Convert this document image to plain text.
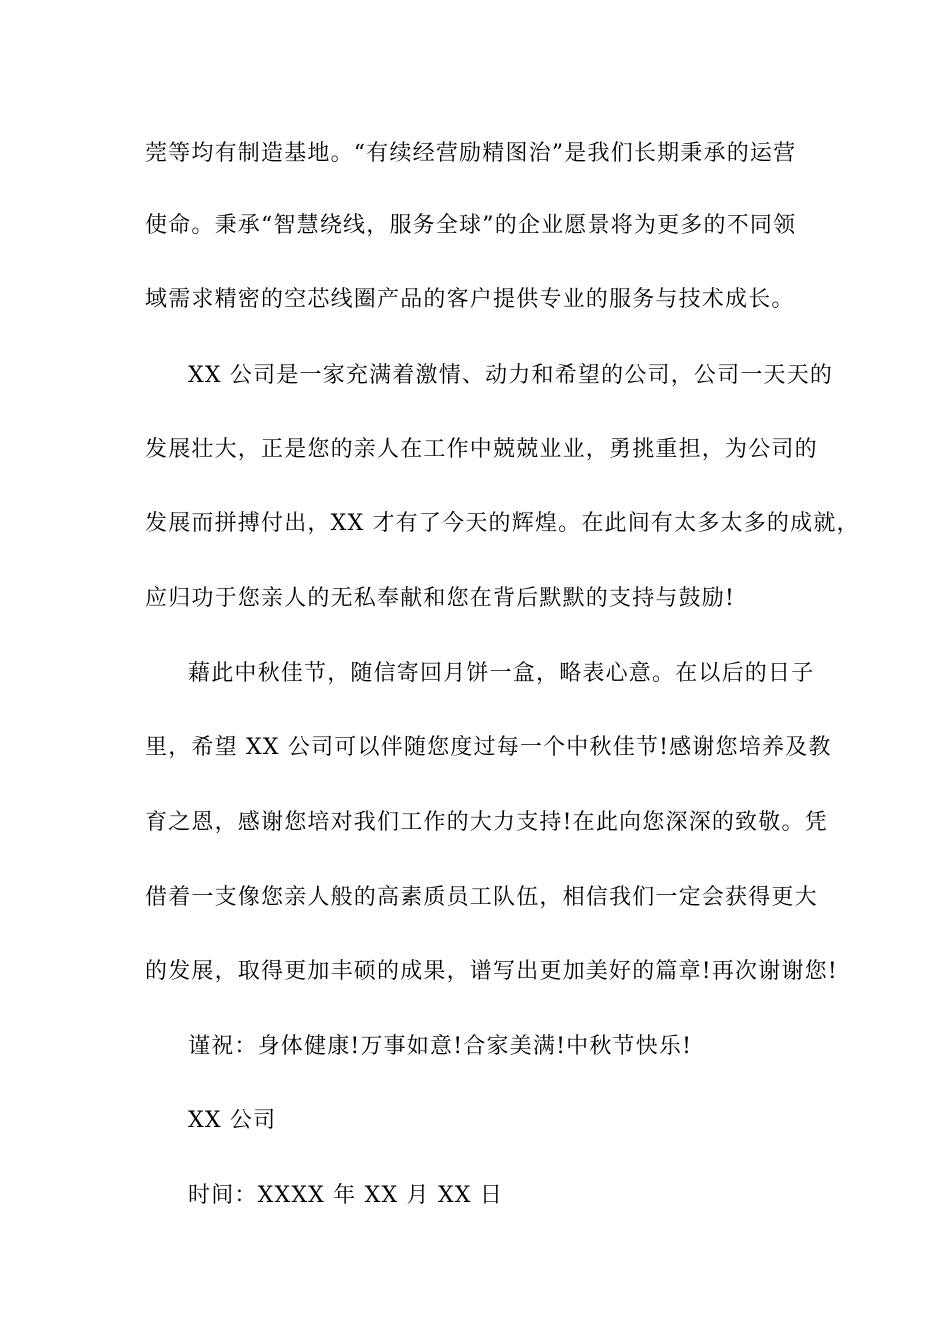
莞等均有制造基地。“有续经营励精图治”是我们长期秉承的运营
使命。秉承“智慧绕线，服务全球”的企业愿景将为更多的不同领
域需求精密的空芯线圈产品的客户提供专业的服务与技术成长。
XX 公司是一家充满着激情、动力和希望的公司，公司一天天的
发展壮大，正是您的亲人在工作中兢兢业业，勇挑重担，为公司的
发展而拼搏付出，XX 才有了今天的辉煌。在此间有太多太多的成就，
应归功于您亲人的无私奉献和您在背后默默的支持与鼓励!
藉此中秋佳节，随信寄回月饼一盒，略表心意。在以后的日子
里，希望 XX 公司可以伴随您度过每一个中秋佳节!感谢您培养及教
育之恩，感谢您培对我们工作的大力支持!在此向您深深的致敬。凭
借着一支像您亲人般的高素质员工队伍，相信我们一定会获得更大
的发展，取得更加丰硕的成果，谱写出更加美好的篇章!再次谢谢您!
谨祝：身体健康!万事如意!合家美满!中秋节快乐!
XX 公司
时间：XXXX 年 XX 月 XX 日
